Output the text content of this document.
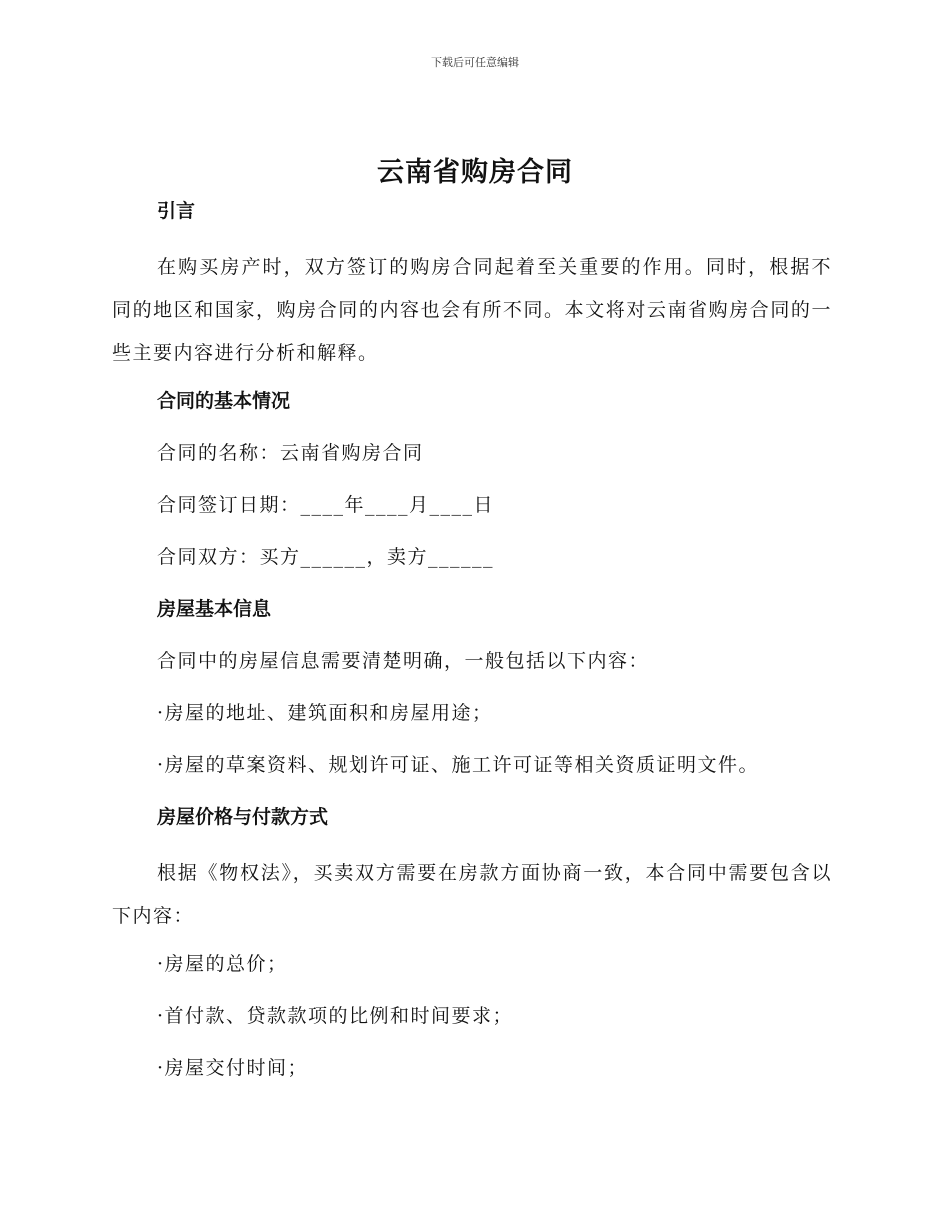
下载后可任意编辑
云南省购房合同
引言

在购买房产时，双方签订的购房合同起着至关重要的作用。同时，根据不同的地区和国家，购房合同的内容也会有所不同。本文将对云南省购房合同的一些主要内容进行分析和解释。

合同的基本情况
合同的名称：云南省购房合同
合同签订日期：____年____月____日
合同双方：买方______，卖方______
房屋基本信息
合同中的房屋信息需要清楚明确，一般包括以下内容：
·房屋的地址、建筑面积和房屋用途；
·房屋的草案资料、规划许可证、施工许可证等相关资质证明文件。
房屋价格与付款方式

根据《物权法》，买卖双方需要在房款方面协商一致，本合同中需要包含以下内容：

·房屋的总价；
·首付款、贷款款项的比例和时间要求；
·房屋交付时间；
